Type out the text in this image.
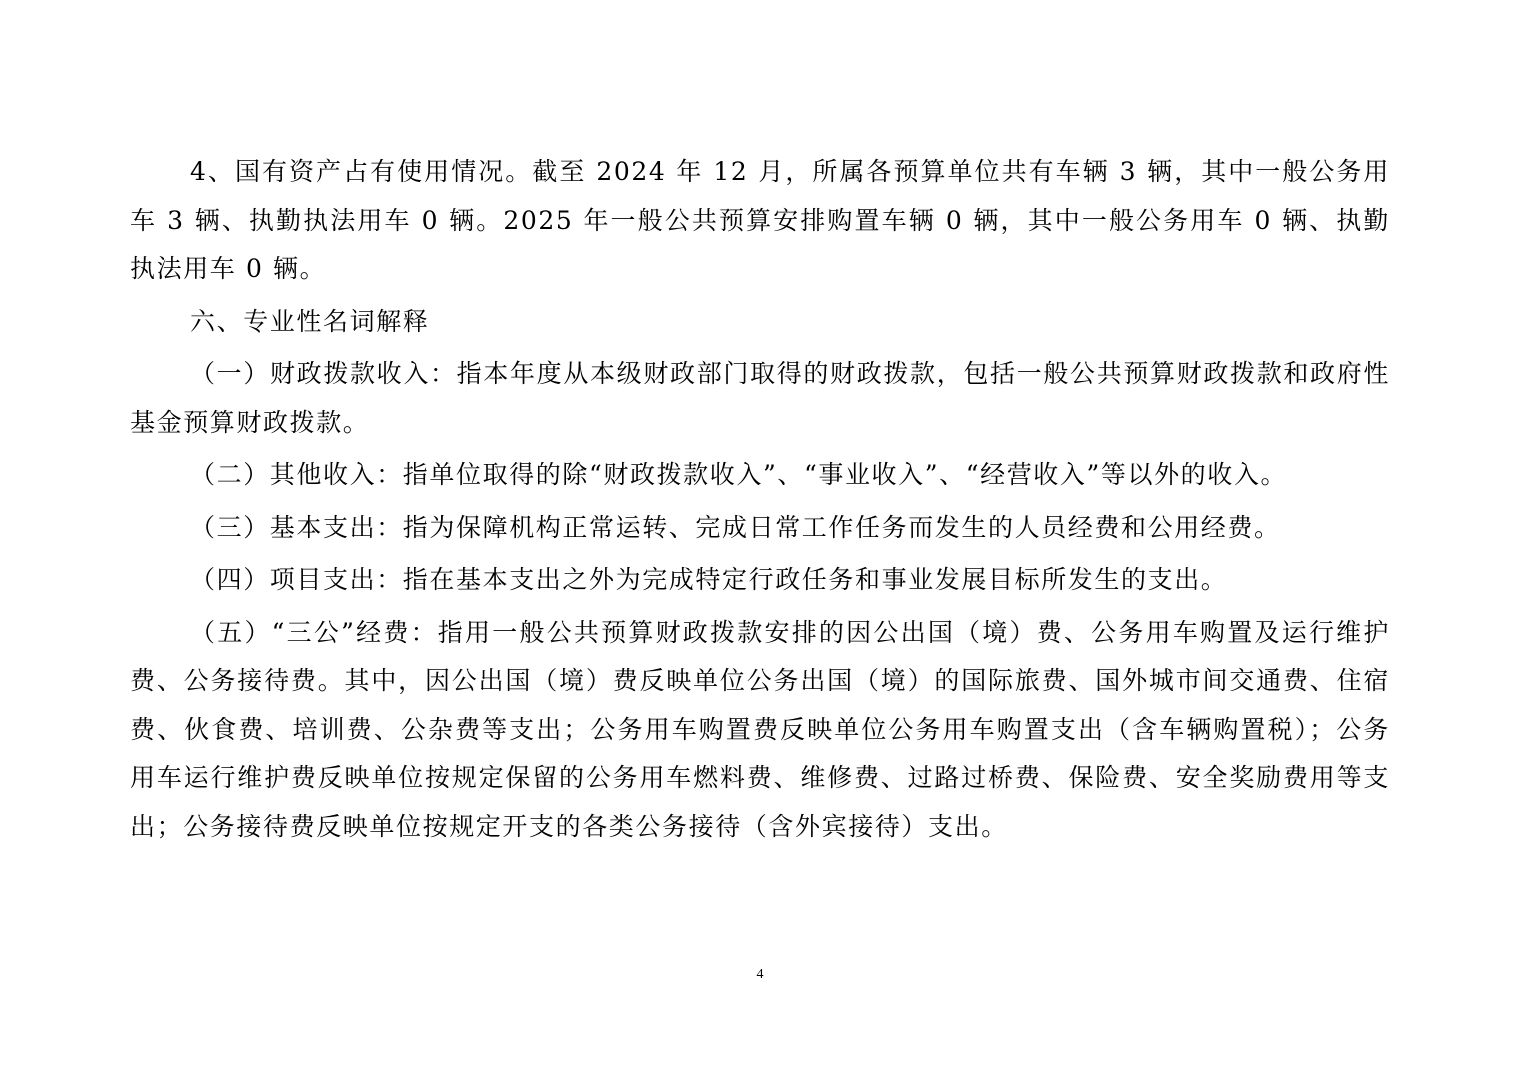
4、国有资产占有使用情况。截至 2024 年 12 月，所属各预算单位共有车辆 3 辆，其中一般公务用车 3 辆、执勤执法用车 0 辆。2025 年一般公共预算安排购置车辆 0 辆，其中一般公务用车 0 辆、执勤执法用车 0 辆。

六、专业性名词解释

（一）财政拨款收入：指本年度从本级财政部门取得的财政拨款，包括一般公共预算财政拨款和政府性基金预算财政拨款。

（二）其他收入：指单位取得的除“财政拨款收入”、“事业收入”、“经营收入”等以外的收入。

（三）基本支出：指为保障机构正常运转、完成日常工作任务而发生的人员经费和公用经费。

（四）项目支出：指在基本支出之外为完成特定行政任务和事业发展目标所发生的支出。

（五）“三公”经费：指用一般公共预算财政拨款安排的因公出国（境）费、公务用车购置及运行维护费、公务接待费。其中，因公出国（境）费反映单位公务出国（境）的国际旅费、国外城市间交通费、住宿费、伙食费、培训费、公杂费等支出；公务用车购置费反映单位公务用车购置支出（含车辆购置税）；公务用车运行维护费反映单位按规定保留的公务用车燃料费、维修费、过路过桥费、保险费、安全奖励费用等支出；公务接待费反映单位按规定开支的各类公务接待（含外宾接待）支出。

4
